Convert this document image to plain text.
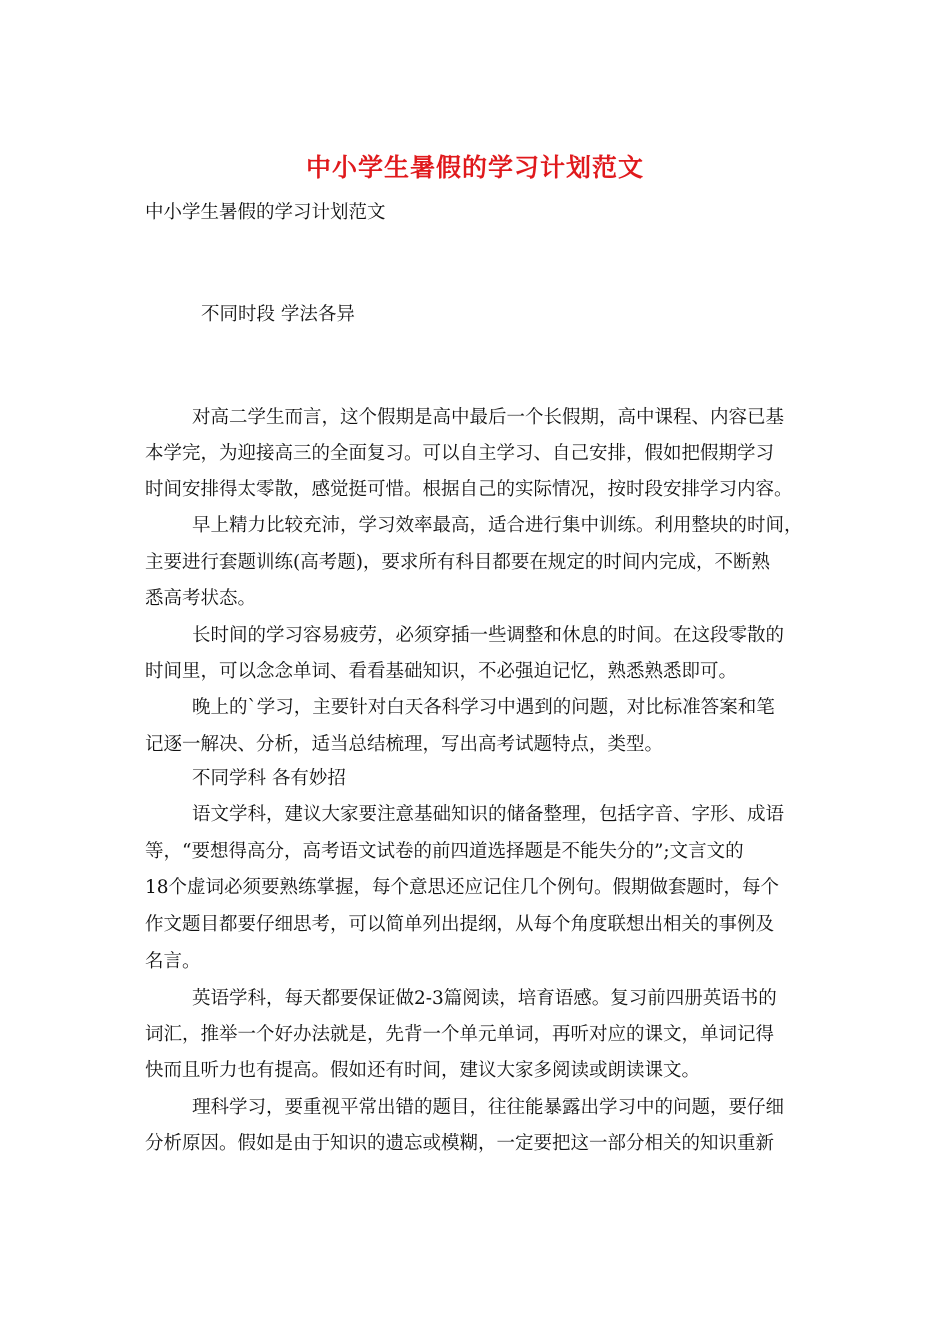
中小学生暑假的学习计划范文
中小学生暑假的学习计划范文
不同时段 学法各异
对高二学生而言，这个假期是高中最后一个长假期，高中课程、内容已基
本学完，为迎接高三的全面复习。可以自主学习、自己安排，假如把假期学习
时间安排得太零散，感觉挺可惜。根据自己的实际情况，按时段安排学习内容。
早上精力比较充沛，学习效率最高，适合进行集中训练。利用整块的时间，
主要进行套题训练(高考题)，要求所有科目都要在规定的时间内完成，不断熟
悉高考状态。
长时间的学习容易疲劳，必须穿插一些调整和休息的时间。在这段零散的
时间里，可以念念单词、看看基础知识，不必强迫记忆，熟悉熟悉即可。
晚上的`学习，主要针对白天各科学习中遇到的问题，对比标准答案和笔
记逐一解决、分析，适当总结梳理，写出高考试题特点，类型。
不同学科 各有妙招
语文学科，建议大家要注意基础知识的储备整理，包括字音、字形、成语
等，“要想得高分，高考语文试卷的前四道选择题是不能失分的”;文言文的
18个虚词必须要熟练掌握，每个意思还应记住几个例句。假期做套题时，每个
作文题目都要仔细思考，可以简单列出提纲，从每个角度联想出相关的事例及
名言。
英语学科，每天都要保证做2-3篇阅读，培育语感。复习前四册英语书的
词汇，推举一个好办法就是，先背一个单元单词，再听对应的课文，单词记得
快而且听力也有提高。假如还有时间，建议大家多阅读或朗读课文。
理科学习，要重视平常出错的题目，往往能暴露出学习中的问题，要仔细
分析原因。假如是由于知识的遗忘或模糊，一定要把这一部分相关的知识重新
